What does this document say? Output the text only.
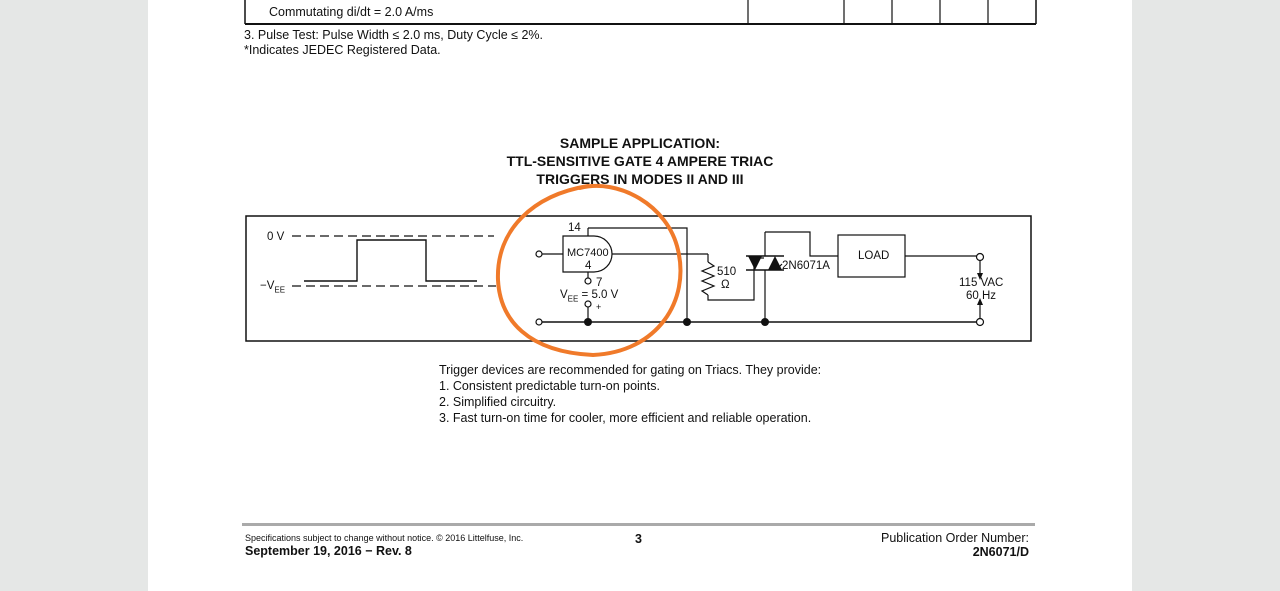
Commutating di/dt = 2.0 A/ms
3. Pulse Test: Pulse Width ≤ 2.0 ms, Duty Cycle ≤ 2%.
*Indicates JEDEC Registered Data.
SAMPLE APPLICATION:
TTL-SENSITIVE GATE 4 AMPERE TRIAC
TRIGGERS IN MODES II AND III
0 V
$-V_{EE}$
MC7400
14
4
7
$V_{EE} = 5.0$ V
+
510
Ω
2N6071A
LOAD
115 VAC
60 Hz
Trigger devices are recommended for gating on Triacs. They provide:
1. Consistent predictable turn-on points.
2. Simplified circuitry.
3. Fast turn-on time for cooler, more efficient and reliable operation.
Specifications subject to change without notice. © 2016 Littelfuse, Inc.
September 19, 2016 − Rev. 8
3	Publication Order Number:
2N6071/D
